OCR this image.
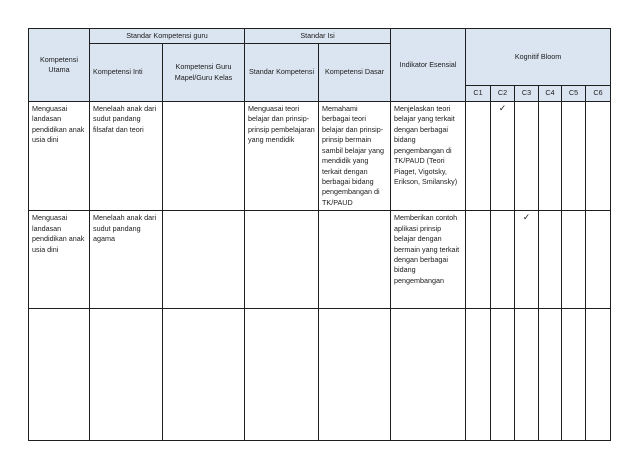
Kompetensi Utama	Standar Kompetensi guru		Standar Isi		Indikator Esensial	Kognitif Bloom					
	Kompetensi Inti	Kompetensi Guru Mapel/Guru Kelas	Standar Kompetensi	Kompetensi Dasar							
						C1	C2	C3	C4	C5	C6
Menguasai landasan pendidikan anak usia dini	Menelaah anak dari sudut pandang filsafat dan teori		Menguasai teori belajar dan prinsip-prinsip pembelajaran yang mendidik	Memahami berbagai teori belajar dan prinsip-prinsip bermain sambil belajar yang mendidik yang terkait dengan berbagai bidang pengembangan di TK/PAUD	Menjelaskan teori belajar yang terkait dengan berbagai bidang pengembangan di TK/PAUD (Teori Piaget, Vigotsky, Erikson, Smilansky)		✓				
Menguasai landasan pendidikan anak usia dini	Menelaah anak dari sudut pandang agama				Memberikan contoh aplikasi prinsip belajar dengan bermain yang terkait dengan berbagai bidang pengembangan			✓			
